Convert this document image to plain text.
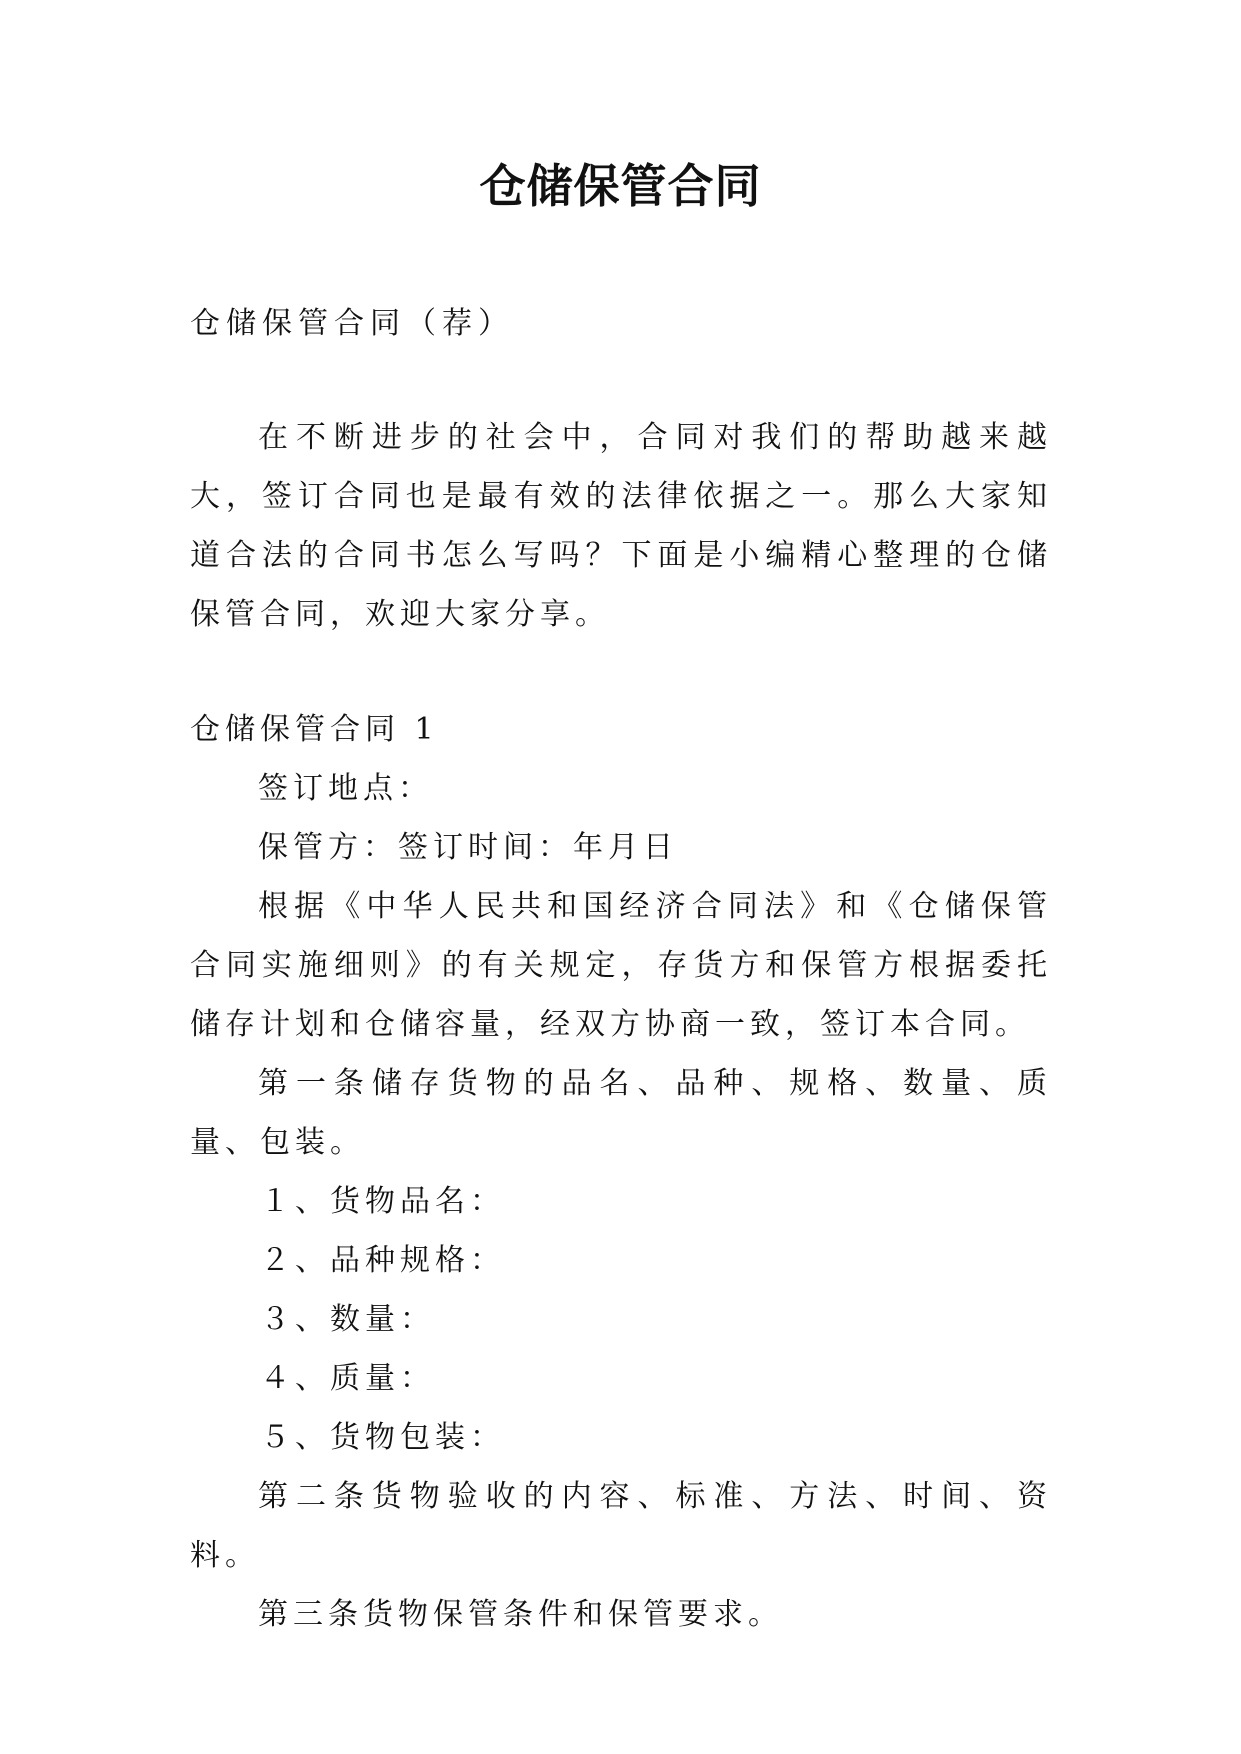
仓储保管合同

仓储保管合同（荐）

在不断进步的社会中，合同对我们的帮助越来越大，签订合同也是最有效的法律依据之一。那么大家知道合法的合同书怎么写吗？下面是小编精心整理的仓储保管合同，欢迎大家分享。

仓储保管合同 1

签订地点：

保管方：签订时间：年月日

根据《中华人民共和国经济合同法》和《仓储保管合同实施细则》的有关规定，存货方和保管方根据委托储存计划和仓储容量，经双方协商一致，签订本合同。

第一条储存货物的品名、品种、规格、数量、质量、包装。

１、货物品名：

２、品种规格：

３、数量：

４、质量：

５、货物包装：

第二条货物验收的内容、标准、方法、时间、资料。

第三条货物保管条件和保管要求。
